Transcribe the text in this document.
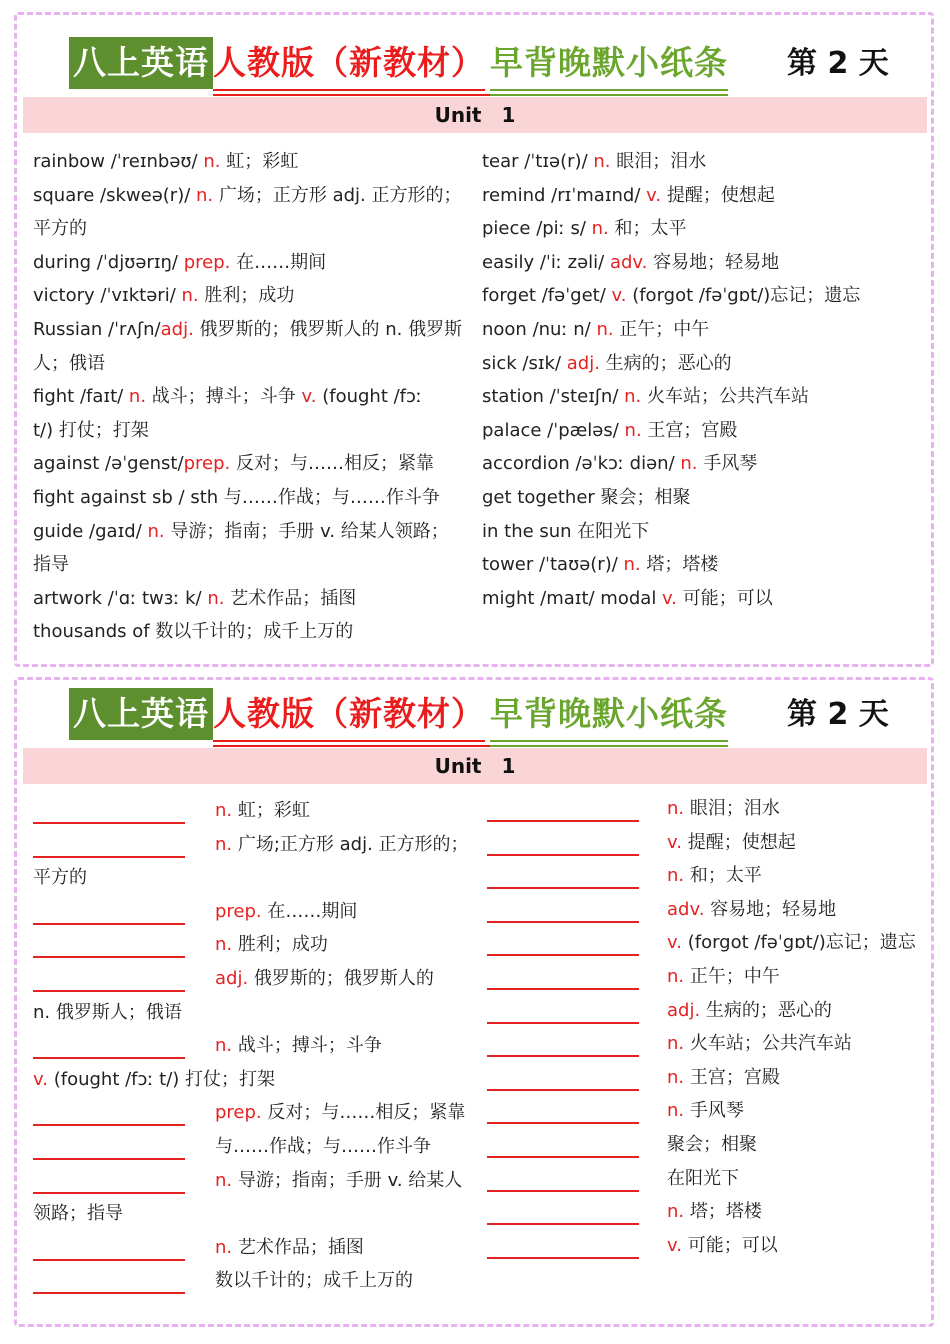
八上英语 人教版（新教材） 早背晚默小纸条 第 2 天
Unit　1
rainbow /ˈreɪnbəʊ/ n. 虹；彩虹
square /skweə(r)/ n. 广场；正方形 adj. 正方形的；
平方的
during /ˈdjʊərɪŋ/ prep. 在……期间
victory /ˈvɪktəri/ n. 胜利；成功
Russian /ˈrʌʃn/adj. 俄罗斯的；俄罗斯人的 n. 俄罗斯
人；俄语
fight /faɪt/ n. 战斗；搏斗；斗争 v. (fought /fɔː
t/) 打仗；打架
against /əˈgenst/prep. 反对；与……相反；紧靠
fight against sb / sth 与……作战；与……作斗争
guide /gaɪd/ n. 导游；指南；手册 v. 给某人领路；
指导
artwork /ˈɑː twɜː k/ n. 艺术作品；插图
thousands of 数以千计的；成千上万的
tear /ˈtɪə(r)/ n. 眼泪；泪水
remind /rɪˈmaɪnd/ v. 提醒；使想起
piece /piː s/ n. 和；太平
easily /ˈiː zəli/ adv. 容易地；轻易地
forget /fəˈget/ v. (forgot /fəˈgɒt/)忘记；遗忘
noon /nuː n/ n. 正午；中午
sick /sɪk/ adj. 生病的；恶心的
station /ˈsteɪʃn/ n. 火车站；公共汽车站
palace /ˈpæləs/ n. 王宫；宫殿
accordion /əˈkɔː diən/ n. 手风琴
get together 聚会；相聚
in the sun 在阳光下
tower /ˈtaʊə(r)/ n. 塔；塔楼
might /maɪt/ modal v. 可能；可以
八上英语 人教版（新教材） 早背晚默小纸条 第 2 天
Unit　1
n. 虹；彩虹
n. 广场;正方形 adj. 正方形的；
平方的
prep. 在……期间
n. 胜利；成功
adj. 俄罗斯的；俄罗斯人的
n. 俄罗斯人；俄语
n. 战斗；搏斗；斗争
v. (fought /fɔː t/) 打仗；打架
prep. 反对；与……相反；紧靠
与……作战；与……作斗争
n. 导游；指南；手册 v. 给某人
领路；指导
n. 艺术作品；插图
数以千计的；成千上万的
n. 眼泪；泪水
v. 提醒；使想起
n. 和；太平
adv. 容易地；轻易地
v. (forgot /fəˈgɒt/)忘记；遗忘
n. 正午；中午
adj. 生病的；恶心的
n. 火车站；公共汽车站
n. 王宫；宫殿
n. 手风琴
聚会；相聚
在阳光下
n. 塔；塔楼
v. 可能；可以
